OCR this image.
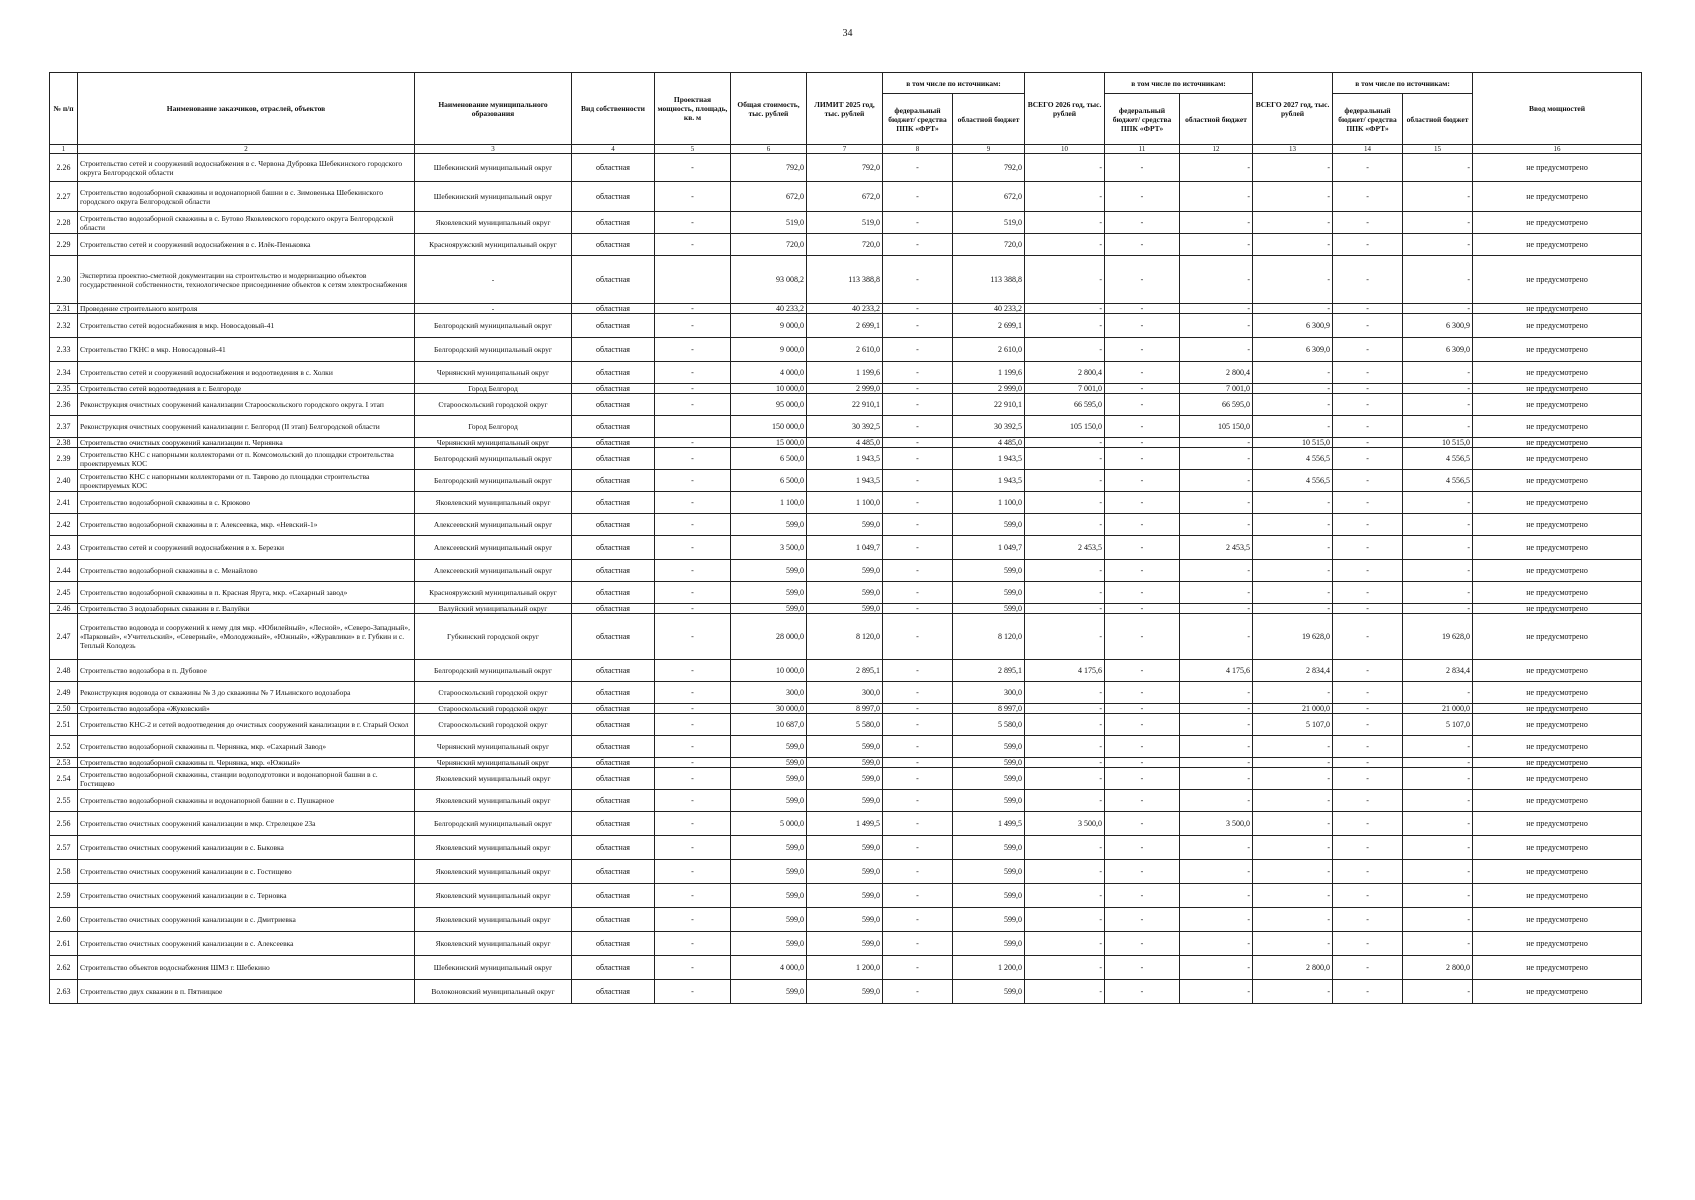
34
№ п/п	Наименование заказчиков, отраслей, объектов	Наименование муниципального образования	Вид собственности	Проектная мощность, площадь, кв. м	Общая стоимость, тыс. рублей	ЛИМИТ 2025 год, тыс. рублей	в том числе по источникам:		ВСЕГО 2026 год, тыс. рублей	в том числе по источникам:		ВСЕГО 2027 год, тыс. рублей	в том числе по источникам:		Ввод мощностей
							федеральный бюджет/ средства ППК «ФРТ»	областной бюджет		федеральный бюджет/ средства ППК «ФРТ»	областной бюджет		федеральный бюджет/ средства ППК «ФРТ»	областной бюджет	
1	2	3	4	5	6	7	8	9	10	11	12	13	14	15	16
2.26	Строительство сетей и сооружений водоснабжения в с. Червона Дубровка Шебекинского городского округа Белгородской области	Шебекинский муниципальный округ	областная	-	792,0	792,0	-	792,0	-	-	-	-	-	-	не предусмотрено
2.27	Строительство водозаборной скважины и водонапорной башни в с. Зимовенька Шебекинского городского округа Белгородской области	Шебекинский муниципальный округ	областная	-	672,0	672,0	-	672,0	-	-	-	-	-	-	не предусмотрено
2.28	Строительство водозаборной скважины в с. Бутово Яковлевского городского округа Белгородской области	Яковлевский муниципальный округ	областная	-	519,0	519,0	-	519,0	-	-	-	-	-	-	не предусмотрено
2.29	Строительство сетей и сооружений водоснабжения в с. Илёк-Пеньковка	Краснояружский муниципальный округ	областная	-	720,0	720,0	-	720,0	-	-	-	-	-	-	не предусмотрено
2.30	Экспертиза проектно-сметной документации на строительство и модернизацию объектов государственной собственности, технологическое присоединение объектов к сетям электроснабжения	-	областная		93 008,2	113 388,8	-	113 388,8	-	-	-	-	-	-	не предусмотрено
2.31	Проведение строительного контроля	-	областная	-	40 233,2	40 233,2	-	40 233,2	-	-	-	-	-	-	не предусмотрено
2.32	Строительство сетей водоснабжения в мкр. Новосадовый-41	Белгородский муниципальный округ	областная	-	9 000,0	2 699,1	-	2 699,1	-	-	-	6 300,9	-	6 300,9	не предусмотрено
2.33	Строительство ГКНС в мкр. Новосадовый-41	Белгородский муниципальный округ	областная	-	9 000,0	2 610,0	-	2 610,0	-	-	-	6 309,0	-	6 309,0	не предусмотрено
2.34	Строительство сетей и сооружений водоснабжения и водоотведения в с. Холки	Чернянский муниципальный округ	областная	-	4 000,0	1 199,6	-	1 199,6	2 800,4	-	2 800,4	-	-	-	не предусмотрено
2.35	Строительство сетей водоотведения в г. Белгороде	Город Белгород	областная	-	10 000,0	2 999,0	-	2 999,0	7 001,0	-	7 001,0	-	-	-	не предусмотрено
2.36	Реконструкция очистных сооружений канализации Старооскольского городского округа. I этап	Старооскольский городской округ	областная	-	95 000,0	22 910,1	-	22 910,1	66 595,0	-	66 595,0	-	-	-	не предусмотрено
2.37	Реконструкция очистных сооружений канализации г. Белгород (II этап) Белгородской области	Город Белгород	областная		150 000,0	30 392,5	-	30 392,5	105 150,0	-	105 150,0	-	-	-	не предусмотрено
2.38	Строительство очистных сооружений канализации п. Чернянка	Чернянский муниципальный округ	областная	-	15 000,0	4 485,0	-	4 485,0	-	-	-	10 515,0	-	10 515,0	не предусмотрено
2.39	Строительство КНС с напорными коллекторами от п. Комсомольский до площадки строительства проектируемых КОС	Белгородский муниципальный округ	областная	-	6 500,0	1 943,5	-	1 943,5	-	-	-	4 556,5	-	4 556,5	не предусмотрено
2.40	Строительство КНС с напорными коллекторами от п. Таврово до площадки строительства проектируемых КОС	Белгородский муниципальный округ	областная	-	6 500,0	1 943,5	-	1 943,5	-	-	-	4 556,5	-	4 556,5	не предусмотрено
2.41	Строительство водозаборной скважины в с. Крюково	Яковлевский муниципальный округ	областная	-	1 100,0	1 100,0	-	1 100,0	-	-	-	-	-	-	не предусмотрено
2.42	Строительство водозаборной скважины в г. Алексеевка, мкр. «Невский-1»	Алексеевский муниципальный округ	областная	-	599,0	599,0	-	599,0	-	-	-	-	-	-	не предусмотрено
2.43	Строительство сетей и сооружений водоснабжения в х. Березки	Алексеевский муниципальный округ	областная	-	3 500,0	1 049,7	-	1 049,7	2 453,5	-	2 453,5	-	-	-	не предусмотрено
2.44	Строительство водозаборной скважины в с. Менайлово	Алексеевский муниципальный округ	областная	-	599,0	599,0	-	599,0	-	-	-	-	-	-	не предусмотрено
2.45	Строительство водозаборной скважины в п. Красная Яруга, мкр. «Сахарный завод»	Краснояружский муниципальный округ	областная	-	599,0	599,0	-	599,0	-	-	-	-	-	-	не предусмотрено
2.46	Строительство 3 водозаборных скважин в г. Валуйки	Валуйский муниципальный округ	областная	-	599,0	599,0	-	599,0	-	-	-	-	-	-	не предусмотрено
2.47	Строительство водовода и сооружений к нему для мкр. «Юбилейный», «Лесной», «Северо-Западный», «Парковый», «Учительский», «Северный», «Молодежный», «Южный», «Журавлики» в г. Губкин и с. Теплый Колодезь	Губкинский городской округ	областная	-	28 000,0	8 120,0	-	8 120,0	-	-	-	19 628,0	-	19 628,0	не предусмотрено
2.48	Строительство водозабора в п. Дубовое	Белгородский муниципальный округ	областная	-	10 000,0	2 895,1	-	2 895,1	4 175,6	-	4 175,6	2 834,4	-	2 834,4	не предусмотрено
2.49	Реконструкция водовода от скважины № 3 до скважины № 7 Ильинского водозабора	Старооскольский городской округ	областная	-	300,0	300,0	-	300,0	-	-	-	-	-	-	не предусмотрено
2.50	Строительство водозабора «Жуковский»	Старооскольский городской округ	областная	-	30 000,0	8 997,0	-	8 997,0	-	-	-	21 000,0	-	21 000,0	не предусмотрено
2.51	Строительство КНС-2 и сетей водоотведения до очистных сооружений канализации в г. Старый Оскол	Старооскольский городской округ	областная	-	10 687,0	5 580,0	-	5 580,0	-	-	-	5 107,0	-	5 107,0	не предусмотрено
2.52	Строительство водозаборной скважины п. Чернянка, мкр. «Сахарный Завод»	Чернянский муниципальный округ	областная	-	599,0	599,0	-	599,0	-	-	-	-	-	-	не предусмотрено
2.53	Строительство водозаборной скважины п. Чернянка, мкр. «Южный»	Чернянский муниципальный округ	областная	-	599,0	599,0	-	599,0	-	-	-	-	-	-	не предусмотрено
2.54	Строительство водозаборной скважины, станции водоподготовки и водонапорной башни в с. Гостищево	Яковлевский муниципальный округ	областная	-	599,0	599,0	-	599,0	-	-	-	-	-	-	не предусмотрено
2.55	Строительство водозаборной скважины и водонапорной башни в с. Пушкарное	Яковлевский муниципальный округ	областная	-	599,0	599,0	-	599,0	-	-	-	-	-	-	не предусмотрено
2.56	Строительство очистных сооружений канализации в мкр. Стрелецкое 23а	Белгородский муниципальный округ	областная	-	5 000,0	1 499,5	-	1 499,5	3 500,0	-	3 500,0	-	-	-	не предусмотрено
2.57	Строительство очистных сооружений канализации в с. Быковка	Яковлевский муниципальный округ	областная	-	599,0	599,0	-	599,0	-	-	-	-	-	-	не предусмотрено
2.58	Строительство очистных сооружений канализации в с. Гостищево	Яковлевский муниципальный округ	областная	-	599,0	599,0	-	599,0	-	-	-	-	-	-	не предусмотрено
2.59	Строительство очистных сооружений канализации в с. Терновка	Яковлевский муниципальный округ	областная	-	599,0	599,0	-	599,0	-	-	-	-	-	-	не предусмотрено
2.60	Строительство очистных сооружений канализации в с. Дмитриевка	Яковлевский муниципальный округ	областная	-	599,0	599,0	-	599,0	-	-	-	-	-	-	не предусмотрено
2.61	Строительство очистных сооружений канализации в с. Алексеевка	Яковлевский муниципальный округ	областная	-	599,0	599,0	-	599,0	-	-	-	-	-	-	не предусмотрено
2.62	Строительство объектов водоснабжения ШМЗ г. Шебекино	Шебекинский муниципальный округ	областная	-	4 000,0	1 200,0	-	1 200,0	-	-	-	2 800,0	-	2 800,0	не предусмотрено
2.63	Строительство двух скважин в п. Пятницкое	Волоконовский муниципальный округ	областная	-	599,0	599,0	-	599,0	-	-	-	-	-	-	не предусмотрено
